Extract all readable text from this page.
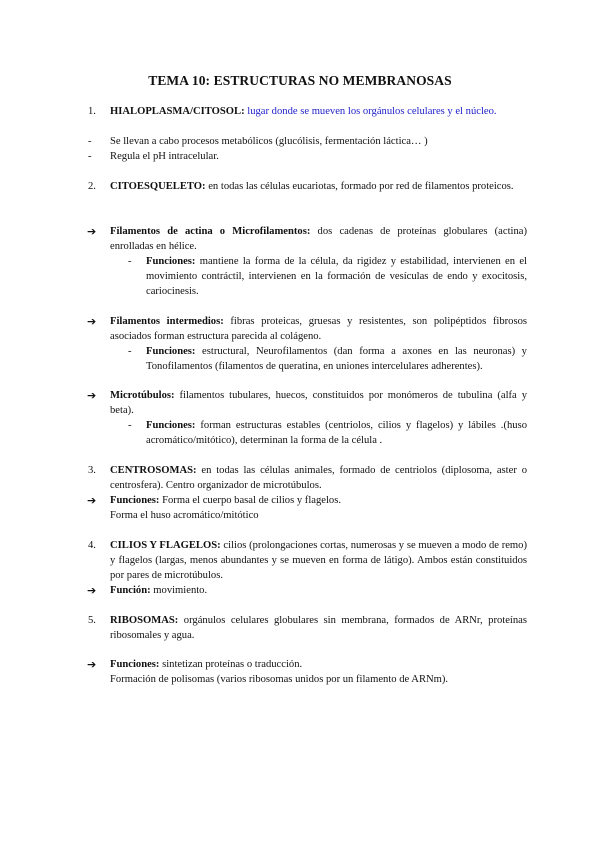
TEMA 10: ESTRUCTURAS NO MEMBRANOSAS
1. HIALOPLASMA/CITOSOL: lugar donde se mueven los orgánulos celulares y el núcleo.
- Se llevan a cabo procesos metabólicos (glucólisis, fermentación láctica… )
- Regula el pH intracelular.
2. CITOESQUELETO: en todas las células eucariotas, formado por red de filamentos proteicos.
➔ Filamentos de actina o Microfilamentos: dos cadenas de proteínas globulares (actina) enrolladas en hélice.
- Funciones: mantiene la forma de la célula, da rigidez y estabilidad, intervienen en el movimiento contráctil, intervienen en la formación de vesículas de endo y exocitosis, cariocinesis.
➔ Filamentos intermedios: fibras proteicas, gruesas y resistentes, son polipéptidos fibrosos asociados forman estructura parecida al colágeno.
- Funciones: estructural, Neurofilamentos (dan forma a axones en las neuronas) y Tonofilamentos (filamentos de queratina, en uniones intercelulares adherentes).
➔ Microtúbulos: filamentos tubulares, huecos, constituidos por monómeros de tubulina (alfa y beta).
- Funciones: forman estructuras estables (centriolos, cilios y flagelos) y lábiles .(huso acromático/mitótico), determinan la forma de la célula .
3. CENTROSOMAS: en todas las células animales, formado de centriolos (diplosoma, aster o centrosfera). Centro organizador de microtúbulos.
➔ Funciones: Forma el cuerpo basal de cilios y flagelos.
Forma el huso acromático/mitótico
4. CILIOS Y FLAGELOS: cilios (prolongaciones cortas, numerosas y se mueven a modo de remo) y flagelos (largas, menos abundantes y se mueven en forma de látigo). Ambos están constituidos por pares de microtúbulos.
➔ Función: movimiento.
5. RIBOSOMAS: orgánulos celulares globulares sin membrana, formados de ARNr, proteínas ribosomales y agua.
➔ Funciones: sintetizan proteínas o traducción.
Formación de polisomas (varios ribosomas unidos por un filamento de ARNm).
